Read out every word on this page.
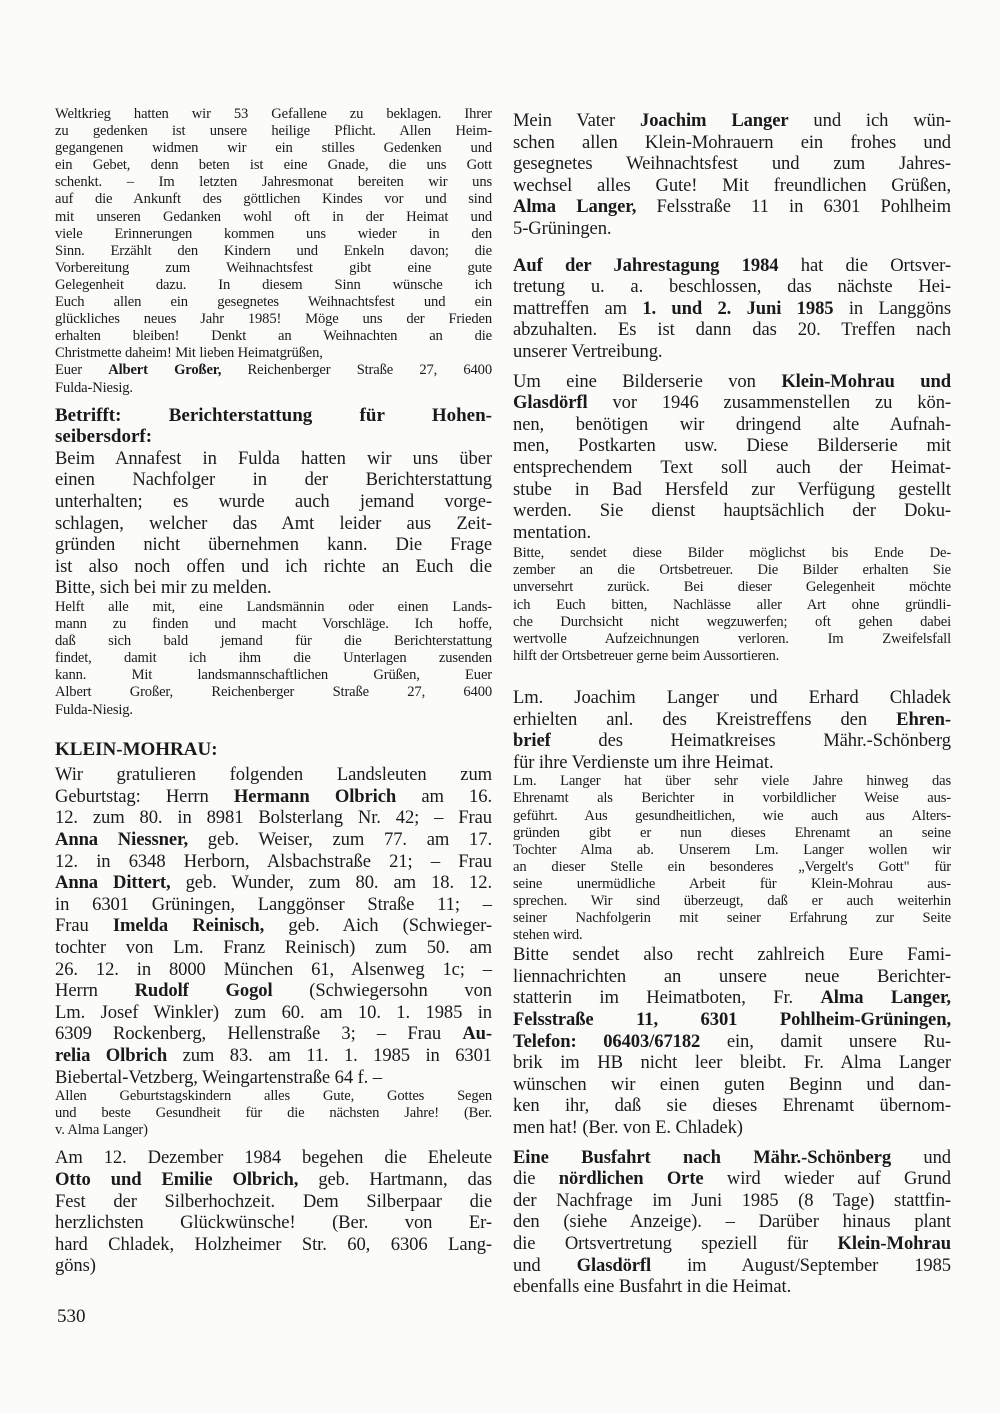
Weltkrieg hatten wir 53 Gefallene zu beklagen. Ihrer
zu gedenken ist unsere heilige Pflicht. Allen Heim-
gegangenen widmen wir ein stilles Gedenken und
ein Gebet, denn beten ist eine Gnade, die uns Gott
schenkt. – Im letzten Jahresmonat bereiten wir uns
auf die Ankunft des göttlichen Kindes vor und sind
mit unseren Gedanken wohl oft in der Heimat und
viele Erinnerungen kommen uns wieder in den
Sinn. Erzählt den Kindern und Enkeln davon; die
Vorbereitung zum Weihnachtsfest gibt eine gute
Gelegenheit dazu. In diesem Sinn wünsche ich
Euch allen ein gesegnetes Weihnachtsfest und ein
glückliches neues Jahr 1985! Möge uns der Frieden
erhalten bleiben! Denkt an Weihnachten an die
Christmette daheim! Mit lieben Heimatgrüßen,
Euer Albert Großer, Reichenberger Straße 27, 6400
Fulda-Niesig.
Betrifft: Berichterstattung für Hohen-
seibersdorf:
Beim Annafest in Fulda hatten wir uns über
einen Nachfolger in der Berichterstattung
unterhalten; es wurde auch jemand vorge-
schlagen, welcher das Amt leider aus Zeit-
gründen nicht übernehmen kann. Die Frage
ist also noch offen und ich richte an Euch die
Bitte, sich bei mir zu melden.
Helft alle mit, eine Landsmännin oder einen Lands-
mann zu finden und macht Vorschläge. Ich hoffe,
daß sich bald jemand für die Berichterstattung
findet, damit ich ihm die Unterlagen zusenden
kann. Mit landsmannschaftlichen Grüßen, Euer
Albert Großer, Reichenberger Straße 27, 6400
Fulda-Niesig.
KLEIN-MOHRAU:
Wir gratulieren folgenden Landsleuten zum
Geburtstag: Herrn Hermann Olbrich am 16.
12. zum 80. in 8981 Bolsterlang Nr. 42; – Frau
Anna Niessner, geb. Weiser, zum 77. am 17.
12. in 6348 Herborn, Alsbachstraße 21; – Frau
Anna Dittert, geb. Wunder, zum 80. am 18. 12.
in 6301 Grüningen, Langgönser Straße 11; –
Frau Imelda Reinisch, geb. Aich (Schwieger-
tochter von Lm. Franz Reinisch) zum 50. am
26. 12. in 8000 München 61, Alsenweg 1c; –
Herrn Rudolf Gogol (Schwiegersohn von
Lm. Josef Winkler) zum 60. am 10. 1. 1985 in
6309 Rockenberg, Hellenstraße 3; – Frau Au-
relia Olbrich zum 83. am 11. 1. 1985 in 6301
Biebertal-Vetzberg, Weingartenstraße 64 f. –
Allen Geburtstagskindern alles Gute, Gottes Segen
und beste Gesundheit für die nächsten Jahre! (Ber.
v. Alma Langer)
Am 12. Dezember 1984 begehen die Eheleute
Otto und Emilie Olbrich, geb. Hartmann, das
Fest der Silberhochzeit. Dem Silberpaar die
herzlichsten Glückwünsche! (Ber. von Er-
hard Chladek, Holzheimer Str. 60, 6306 Lang-
göns)
Mein Vater Joachim Langer und ich wün-
schen allen Klein-Mohrauern ein frohes und
gesegnetes Weihnachtsfest und zum Jahres-
wechsel alles Gute! Mit freundlichen Grüßen,
Alma Langer, Felsstraße 11 in 6301 Pohlheim
5-Grüningen.
Auf der Jahrestagung 1984 hat die Ortsver-
tretung u. a. beschlossen, das nächste Hei-
mattreffen am 1. und 2. Juni 1985 in Langgöns
abzuhalten. Es ist dann das 20. Treffen nach
unserer Vertreibung.
Um eine Bilderserie von Klein-Mohrau und
Glasdörfl vor 1946 zusammenstellen zu kön-
nen, benötigen wir dringend alte Aufnah-
men, Postkarten usw. Diese Bilderserie mit
entsprechendem Text soll auch der Heimat-
stube in Bad Hersfeld zur Verfügung gestellt
werden. Sie dienst hauptsächlich der Doku-
mentation.
Bitte, sendet diese Bilder möglichst bis Ende De-
zember an die Ortsbetreuer. Die Bilder erhalten Sie
unversehrt zurück. Bei dieser Gelegenheit möchte
ich Euch bitten, Nachlässe aller Art ohne gründli-
che Durchsicht nicht wegzuwerfen; oft gehen dabei
wertvolle Aufzeichnungen verloren. Im Zweifelsfall
hilft der Ortsbetreuer gerne beim Aussortieren.
Lm. Joachim Langer und Erhard Chladek
erhielten anl. des Kreistreffens den Ehren-
brief des Heimatkreises Mähr.-Schönberg
für ihre Verdienste um ihre Heimat.
Lm. Langer hat über sehr viele Jahre hinweg das
Ehrenamt als Berichter in vorbildlicher Weise aus-
geführt. Aus gesundheitlichen, wie auch aus Alters-
gründen gibt er nun dieses Ehrenamt an seine
Tochter Alma ab. Unserem Lm. Langer wollen wir
an dieser Stelle ein besonderes „Vergelt's Gott" für
seine unermüdliche Arbeit für Klein-Mohrau aus-
sprechen. Wir sind überzeugt, daß er auch weiterhin
seiner Nachfolgerin mit seiner Erfahrung zur Seite
stehen wird.
Bitte sendet also recht zahlreich Eure Fami-
liennachrichten an unsere neue Berichter-
statterin im Heimatboten, Fr. Alma Langer,
Felsstraße 11, 6301 Pohlheim-Grüningen,
Telefon: 06403/67182 ein, damit unsere Ru-
brik im HB nicht leer bleibt. Fr. Alma Langer
wünschen wir einen guten Beginn und dan-
ken ihr, daß sie dieses Ehrenamt übernom-
men hat! (Ber. von E. Chladek)
Eine Busfahrt nach Mähr.-Schönberg und
die nördlichen Orte wird wieder auf Grund
der Nachfrage im Juni 1985 (8 Tage) stattfin-
den (siehe Anzeige). – Darüber hinaus plant
die Ortsvertretung speziell für Klein-Mohrau
und Glasdörfl im August/September 1985
ebenfalls eine Busfahrt in die Heimat.
530
